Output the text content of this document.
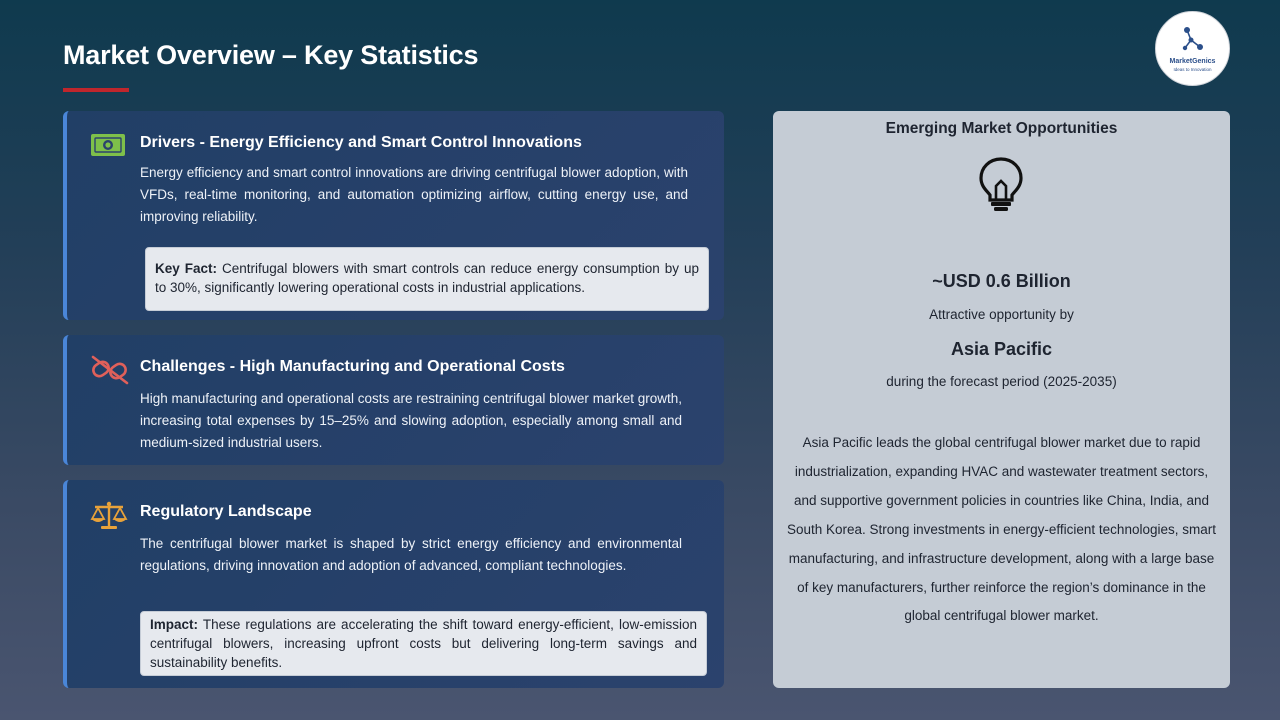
Market Overview – Key Statistics	MarketGenics
Ideas to Innovation
Drivers - Energy Efficiency and Smart Control Innovations
Energy efficiency and smart control innovations are driving centrifugal blower adoption, with VFDs, real-time monitoring, and automation optimizing airflow, cutting energy use, and improving reliability.
Key Fact: Centrifugal blowers with smart controls can reduce energy consumption by up to 30%, significantly lowering operational costs in industrial applications.
Challenges - High Manufacturing and Operational Costs
High manufacturing and operational costs are restraining centrifugal blower market growth, increasing total expenses by 15–25% and slowing adoption, especially among small and medium-sized industrial users.
Regulatory Landscape
The centrifugal blower market is shaped by strict energy efficiency and environmental regulations, driving innovation and adoption of advanced, compliant technologies.
Impact: These regulations are accelerating the shift toward energy-efficient, low-emission centrifugal blowers, increasing upfront costs but delivering long-term savings and sustainability benefits.
Emerging Market Opportunities
~USD 0.6 Billion
Attractive opportunity by
Asia Pacific
during the forecast period (2025-2035)
Asia Pacific leads the global centrifugal blower market due to rapid industrialization, expanding HVAC and wastewater treatment sectors, and supportive government policies in countries like China, India, and South Korea. Strong investments in energy-efficient technologies, smart manufacturing, and infrastructure development, along with a large base of key manufacturers, further reinforce the region’s dominance in the global centrifugal blower market.
